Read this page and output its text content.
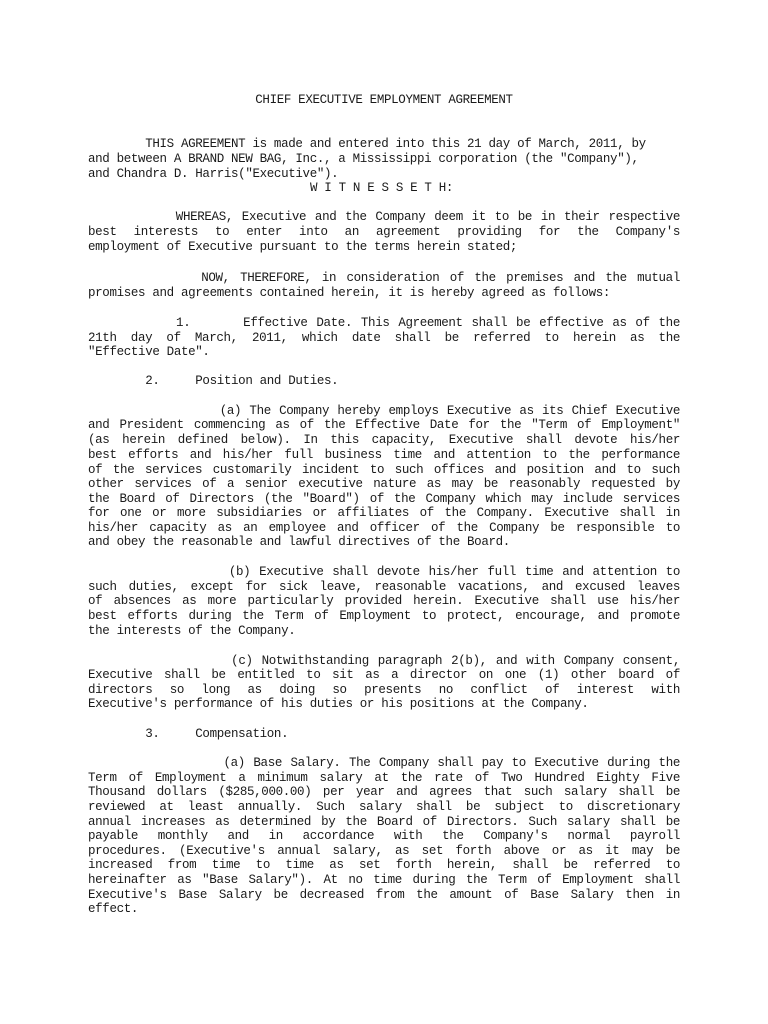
CHIEF EXECUTIVE EMPLOYMENT AGREEMENT
THIS AGREEMENT is made and entered into this 21 day of March, 2011, by
and between A BRAND NEW BAG, Inc., a Mississippi corporation (the "Company"),
and Chandra D. Harris("Executive").
W I T N E S S E T H:
WHEREAS, Executive and the Company deem it to be in their respective
best interests to enter into an agreement providing for the Company's
employment of Executive pursuant to the terms herein stated;
NOW, THEREFORE, in consideration of the premises and the mutual
promises and agreements contained herein, it is hereby agreed as follows:
1.      Effective Date. This Agreement shall be effective as of the
21th day of March, 2011, which date shall be referred to herein as the
"Effective Date".
2.     Position and Duties.
(a) The Company hereby employs Executive as its Chief Executive
and President commencing as of the Effective Date for the "Term of Employment"
(as herein defined below). In this capacity, Executive shall devote his/her
best efforts and his/her full business time and attention to the performance
of the services customarily incident to such offices and position and to such
other services of a senior executive nature as may be reasonably requested by
the Board of Directors (the "Board") of the Company which may include services
for one or more subsidiaries or affiliates of the Company. Executive shall in
his/her capacity as an employee and officer of the Company be responsible to
and obey the reasonable and lawful directives of the Board.
(b) Executive shall devote his/her full time and attention to
such duties, except for sick leave, reasonable vacations, and excused leaves
of absences as more particularly provided herein. Executive shall use his/her
best efforts during the Term of Employment to protect, encourage, and promote
the interests of the Company.
(c) Notwithstanding paragraph 2(b), and with Company consent,
Executive shall be entitled to sit as a director on one (1) other board of
directors so long as doing so presents no conflict of interest with
Executive's performance of his duties or his positions at the Company.
3.     Compensation.
(a) Base Salary. The Company shall pay to Executive during the
Term of Employment a minimum salary at the rate of Two Hundred Eighty Five
Thousand dollars ($285,000.00) per year and agrees that such salary shall be
reviewed at least annually. Such salary shall be subject to discretionary
annual increases as determined by the Board of Directors. Such salary shall be
payable monthly and in accordance with the Company's normal payroll
procedures. (Executive's annual salary, as set forth above or as it may be
increased from time to time as set forth herein, shall be referred to
hereinafter as "Base Salary"). At no time during the Term of Employment shall
Executive's Base Salary be decreased from the amount of Base Salary then in
effect.
